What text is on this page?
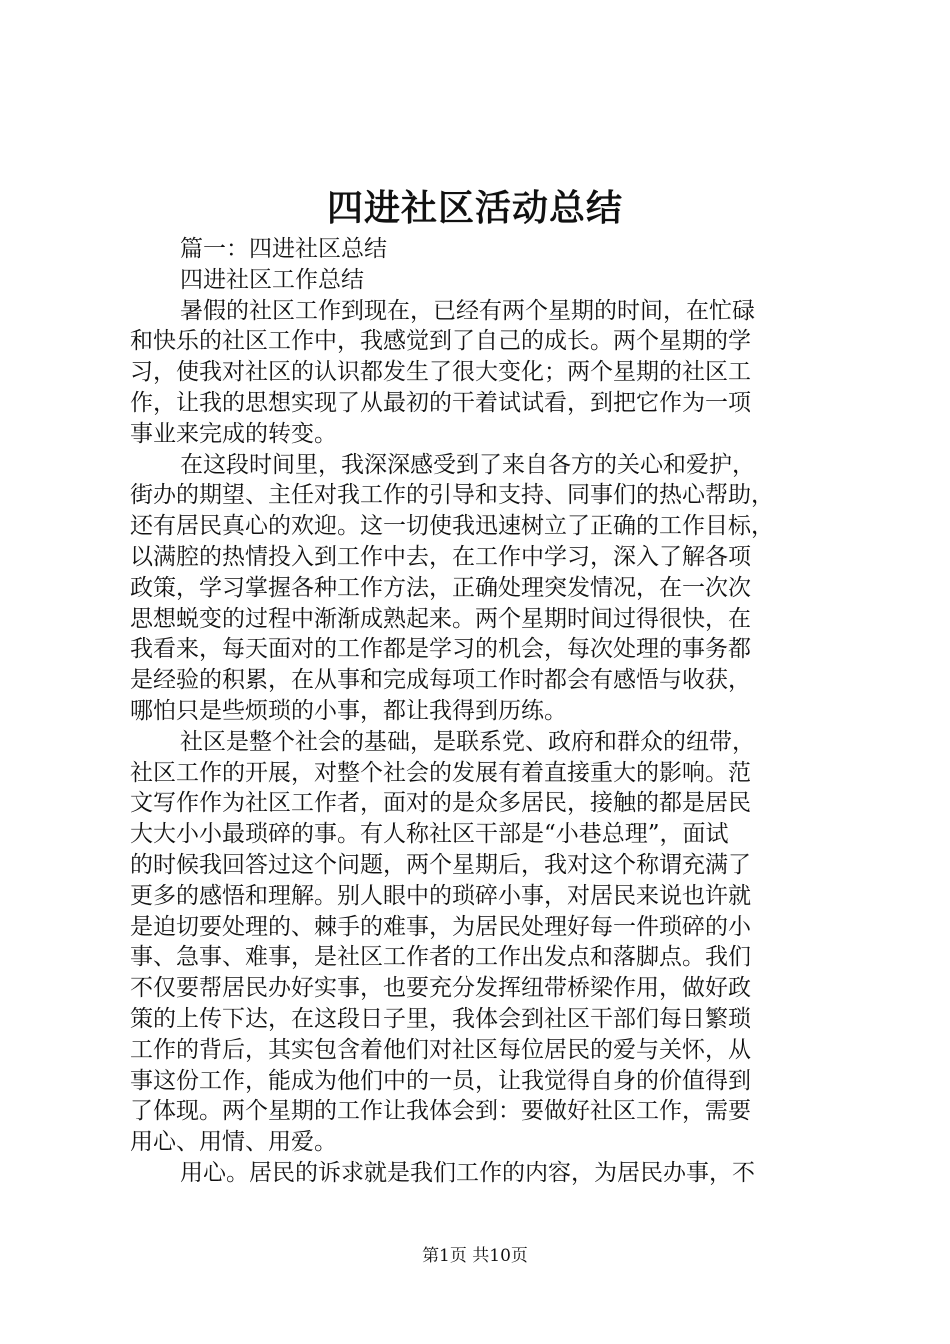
四进社区活动总结
篇一：四进社区总结
四进社区工作总结
暑假的社区工作到现在，已经有两个星期的时间，在忙碌
和快乐的社区工作中，我感觉到了自己的成长。两个星期的学
习，使我对社区的认识都发生了很大变化；两个星期的社区工
作，让我的思想实现了从最初的干着试试看，到把它作为一项
事业来完成的转变。
在这段时间里，我深深感受到了来自各方的关心和爱护，
街办的期望、主任对我工作的引导和支持、同事们的热心帮助，
还有居民真心的欢迎。这一切使我迅速树立了正确的工作目标，
以满腔的热情投入到工作中去，在工作中学习，深入了解各项
政策，学习掌握各种工作方法，正确处理突发情况，在一次次
思想蜕变的过程中渐渐成熟起来。两个星期时间过得很快，在
我看来，每天面对的工作都是学习的机会，每次处理的事务都
是经验的积累，在从事和完成每项工作时都会有感悟与收获，
哪怕只是些烦琐的小事，都让我得到历练。
社区是整个社会的基础，是联系党、政府和群众的纽带，
社区工作的开展，对整个社会的发展有着直接重大的影响。范
文写作作为社区工作者，面对的是众多居民，接触的都是居民
大大小小最琐碎的事。有人称社区干部是“小巷总理”，面试
的时候我回答过这个问题，两个星期后，我对这个称谓充满了
更多的感悟和理解。别人眼中的琐碎小事，对居民来说也许就
是迫切要处理的、棘手的难事，为居民处理好每一件琐碎的小
事、急事、难事，是社区工作者的工作出发点和落脚点。我们
不仅要帮居民办好实事，也要充分发挥纽带桥梁作用，做好政
策的上传下达，在这段日子里，我体会到社区干部们每日繁琐
工作的背后，其实包含着他们对社区每位居民的爱与关怀，从
事这份工作，能成为他们中的一员，让我觉得自身的价值得到
了体现。两个星期的工作让我体会到：要做好社区工作，需要
用心、用情、用爱。
用心。居民的诉求就是我们工作的内容，为居民办事，不
第1页 共10页
